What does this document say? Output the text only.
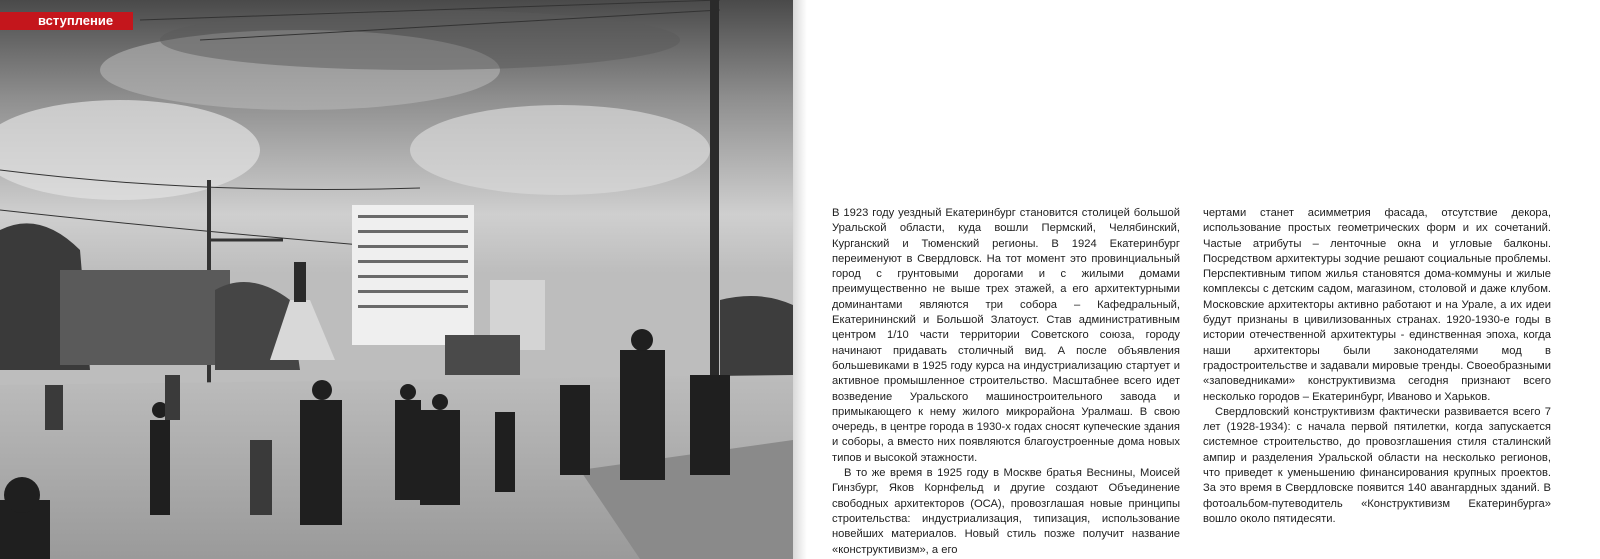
вступление

В 1923 году уездный Екатеринбург становится столицей большой Уральской области, куда вошли Пермский, Челябинский, Курганский и Тюменский регионы. В 1924 Екатеринбург переименуют в Свердловск. На тот момент это провинциальный город с грунтовыми дорогами и с жилыми домами преимущественно не выше трех этажей, а его архитектурными доминантами являются три собора – Кафедральный, Екатерининский и Большой Златоуст. Став административным центром 1/10 части территории Советского союза, городу начинают придавать столичный вид. А после объявления большевиками в 1925 году курса на индустриализацию стартует и активное промышленное строительство. Масштабнее всего идет возведение Уральского машиностроительного завода и примыкающего к нему жилого микрорайона Уралмаш. В свою очередь, в центре города в 1930-х годах сносят купеческие здания и соборы, а вместо них появляются благоустроенные дома новых типов и высокой этажности.

В то же время в 1925 году в Москве братья Веснины, Моисей Гинзбург, Яков Корнфельд и другие создают Объединение свободных архитекторов (ОСА), провозглашая новые принципы строительства: индустриализация, типизация, использование новейших материалов. Новый стиль позже получит название «конструктивизм», а его

чертами станет асимметрия фасада, отсутствие декора, использование простых геометрических форм и их сочетаний. Частые атрибуты – ленточные окна и угловые балконы. Посредством архитектуры зодчие решают социальные проблемы. Перспективным типом жилья становятся дома-коммуны и жилые комплексы с детским садом, магазином, столовой и даже клубом. Московские архитекторы активно работают и на Урале, а их идеи будут признаны в цивилизованных странах. 1920-1930-е годы в истории отечественной архитектуры - единственная эпоха, когда наши архитекторы были законодателями мод в градостроительстве и задавали мировые тренды. Своеобразными «заповедниками» конструктивизма сегодня признают всего несколько городов – Екатеринбург, Иваново и Харьков.

Свердловский конструктивизм фактически развивается всего 7 лет (1928-1934): с начала первой пятилетки, когда запускается системное строительство, до провозглашения стиля сталинский ампир и разделения Уральской области на несколько регионов, что приведет к уменьшению финансирования крупных проектов. За это время в Свердловске появится 140 авангардных зданий. В фотоальбом-путеводитель «Конструктивизм Екатеринбурга» вошло около пятидесяти.
